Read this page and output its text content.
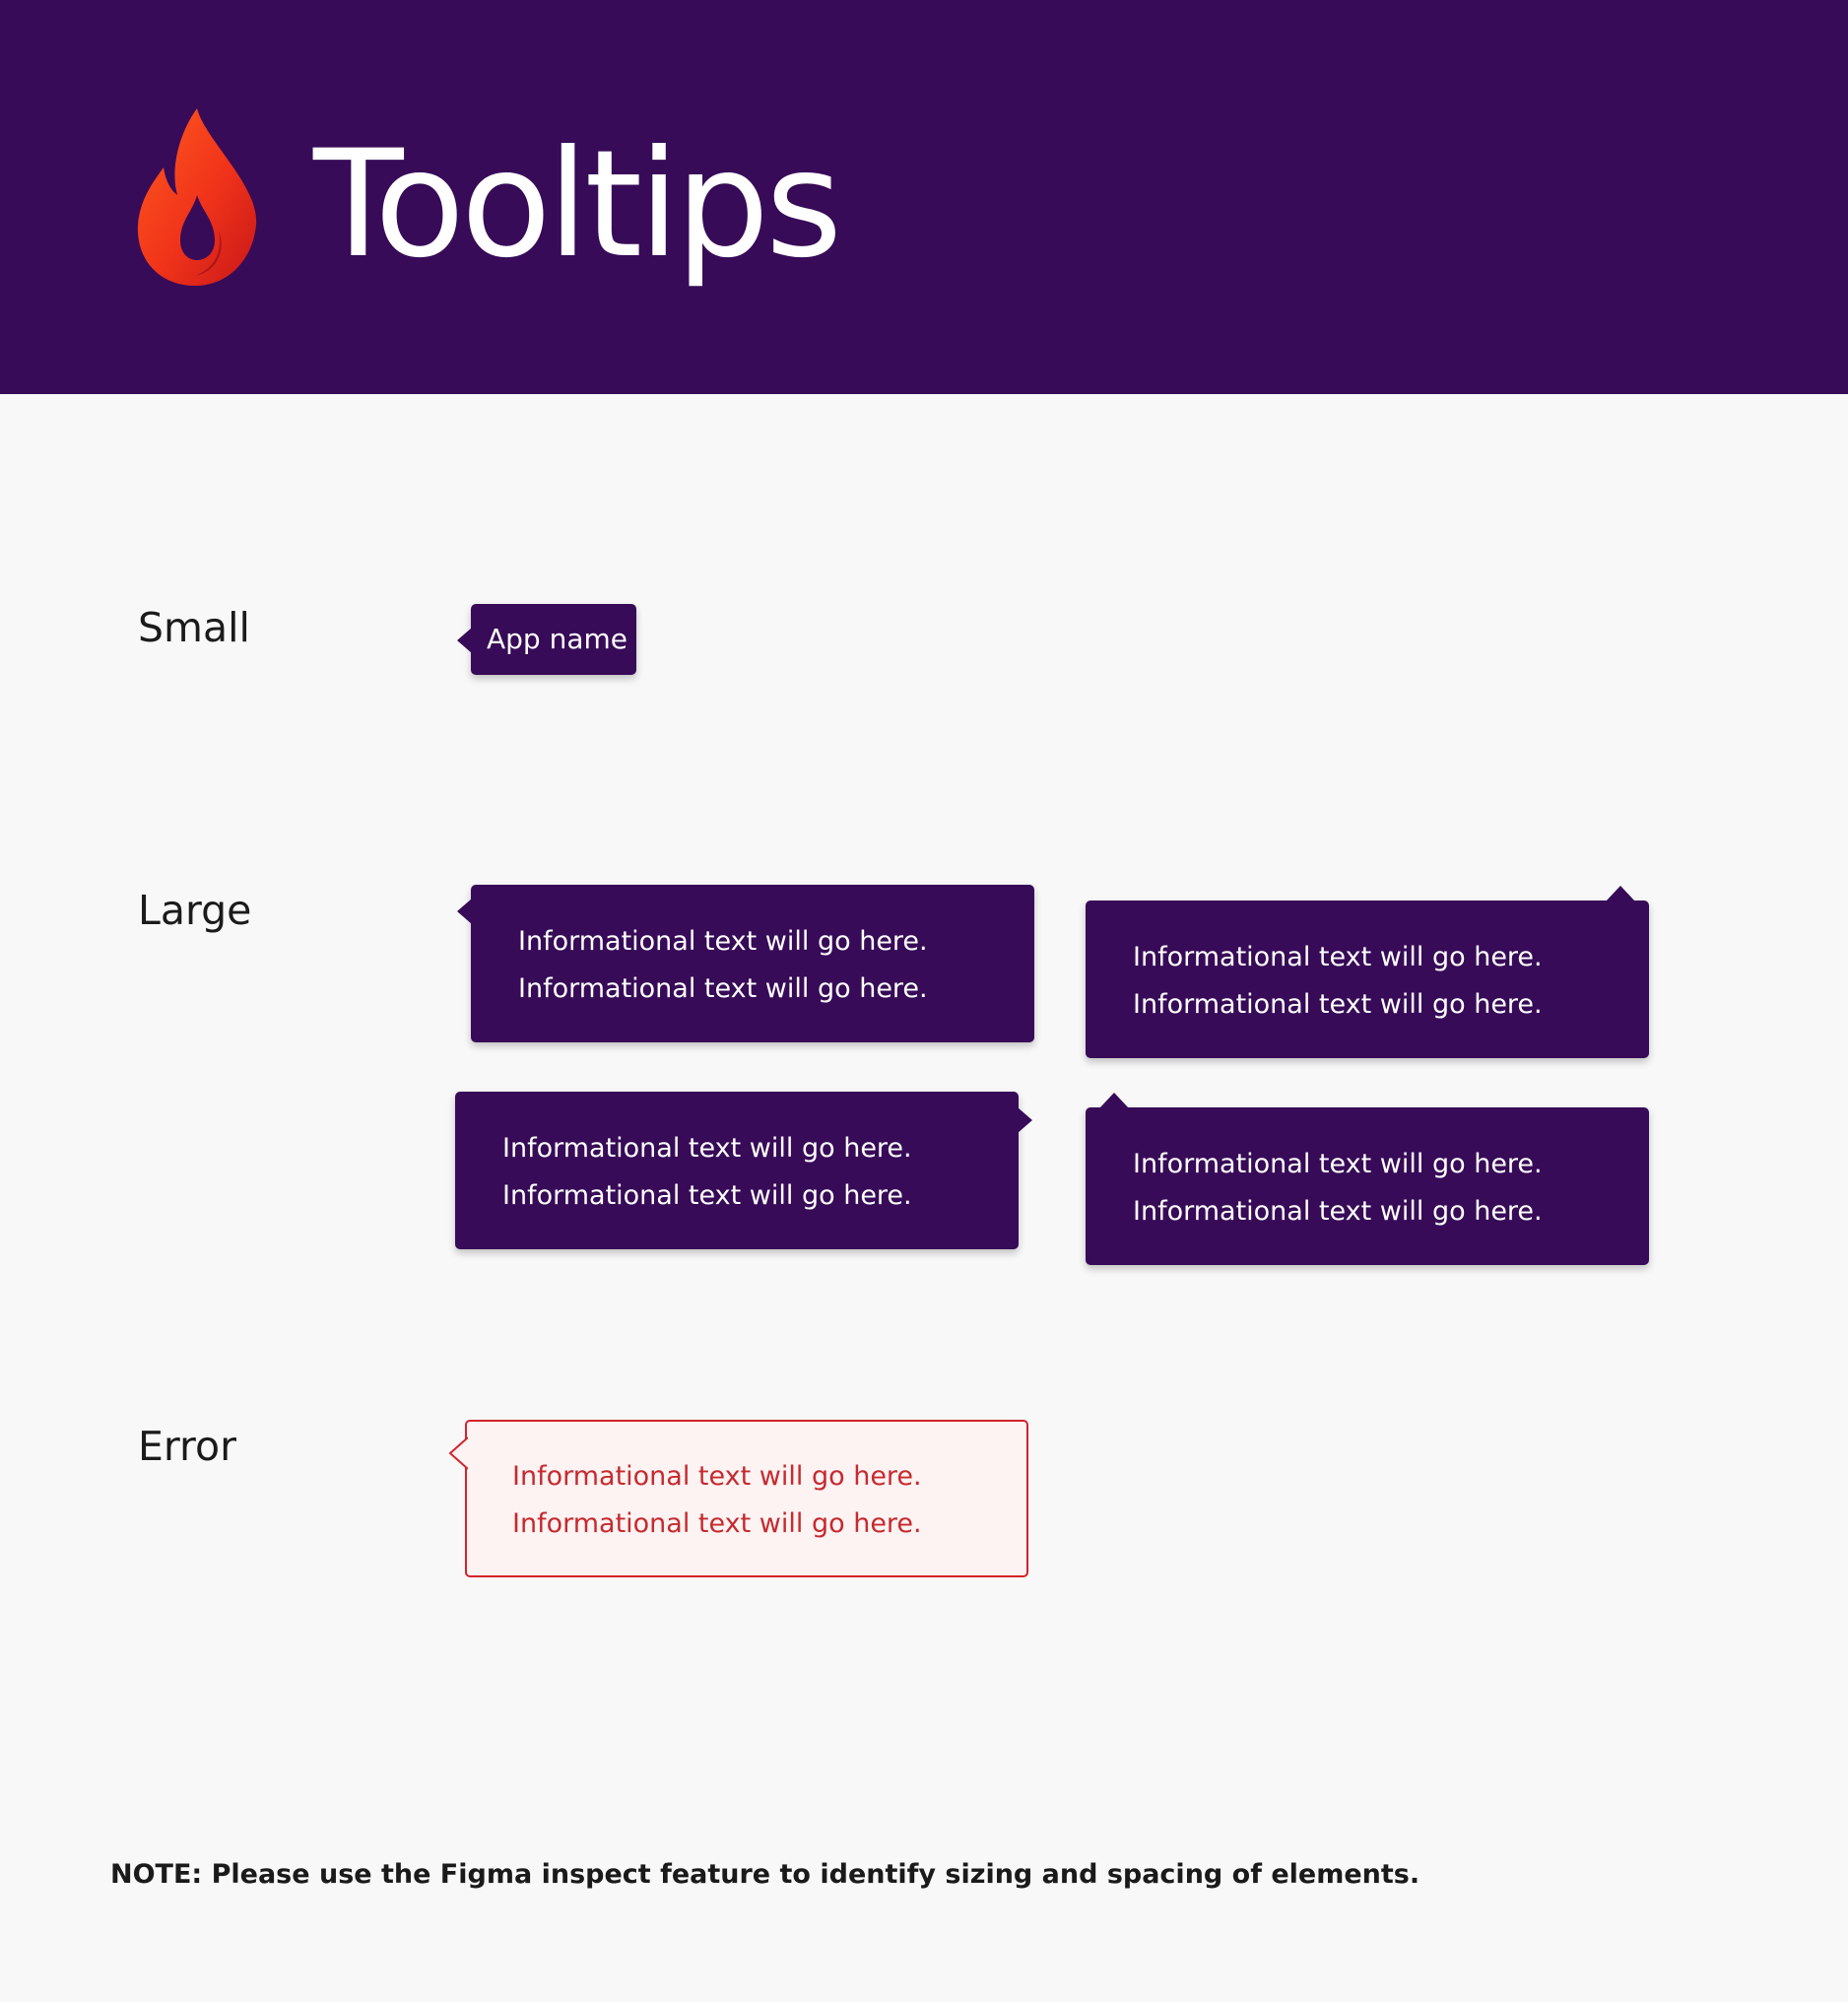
Tooltips
Small	App name
Large
Informational text will go here.
Informational text will go here.
Informational text will go here.
Informational text will go here.
Informational text will go here.
Informational text will go here.
Informational text will go here.
Informational text will go here.
Error
Informational text will go here.
Informational text will go here.
NOTE: Please use the Figma inspect feature to identify sizing and spacing of elements.
